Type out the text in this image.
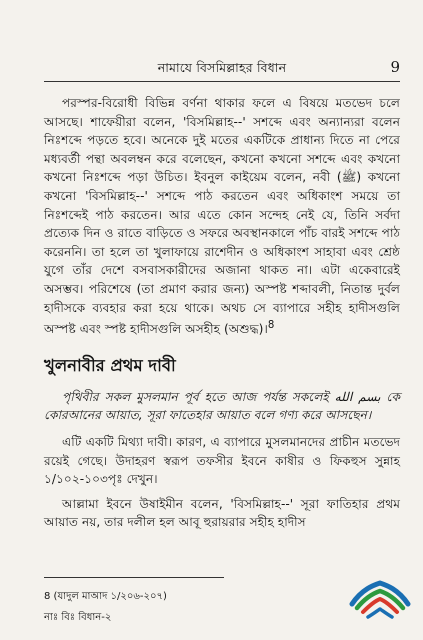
নামাযে বিসমিল্লাহর বিধান	9

পরস্পর-বিরোধী বিভিন্ন বর্ণনা থাকার ফলে এ বিষয়ে মতভেদ চলে আসছে। শাফেয়ীরা বলেন, 'বিসমিল্লাহ--' সশব্দে এবং অন্যান্যরা বলেন নিঃশব্দে পড়তে হবে। অনেকে দুই মতের একটিকে প্রাধান্য দিতে না পেরে মধ্যবর্তী পন্থা অবলম্বন করে বলেছেন, কখনো কখনো সশব্দে এবং কখনো কখনো নিঃশব্দে পড়া উচিত। ইবনুল কাইয়েম বলেন, নবী (ﷺ) কখনো কখনো 'বিসমিল্লাহ--' সশব্দে পাঠ করতেন এবং অধিকাংশ সময়ে তা নিঃশব্দেই পাঠ করতেন। আর এতে কোন সন্দেহ নেই যে, তিনি সর্বদা প্রত্যেক দিন ও রাতে বাড়িতে ও সফরে অবস্থানকালে পাঁচ বারই সশব্দে পাঠ করেননি। তা হলে তা খুলাফায়ে রাশেদীন ও অধিকাংশ সাহাবা এবং শ্রেষ্ঠ যুগে তাঁর দেশে বসবাসকারীদের অজানা থাকত না। এটা একেবারেই অসম্ভব। পরিশেষে (তা প্রমাণ করার জন্য) অস্পষ্ট শব্দাবলী, নিতান্ত দুর্বল হাদীসকে ব্যবহার করা হয়ে থাকে। অথচ সে ব্যাপারে সহীহ হাদীসগুলি অস্পষ্ট এবং স্পষ্ট হাদীসগুলি অসহীহ (অশুদ্ধ)।$^8$

খুলনাবীর প্রথম দাবী

পৃথিবীর সকল মুসলমান পূর্ব হতে আজ পর্যন্ত সকলেই بسم الله কে কোরআনের আয়াত, সূরা ফাতেহার আয়াত বলে গণ্য করে আসছেন।

এটি একটি মিথ্যা দাবী। কারণ, এ ব্যাপারে মুসলমানদের প্রাচীন মতভেদ রয়েই গেছে। উদাহরণ স্বরূপ তফসীর ইবনে কাষীর ও ফিকহুস সুন্নাহ ১/১০২-১০৩পৃঃ দেখুন।

আল্লামা ইবনে উষাইমীন বলেন, 'বিসমিল্লাহ--' সূরা ফাতিহার প্রথম আয়াত নয়, তার দলীল হল আবূ হুরায়রার সহীহ হাদীস

8 (যাদুল মাআদ ১/২০৬-২০৭)
নাঃ বিঃ বিধান-২
